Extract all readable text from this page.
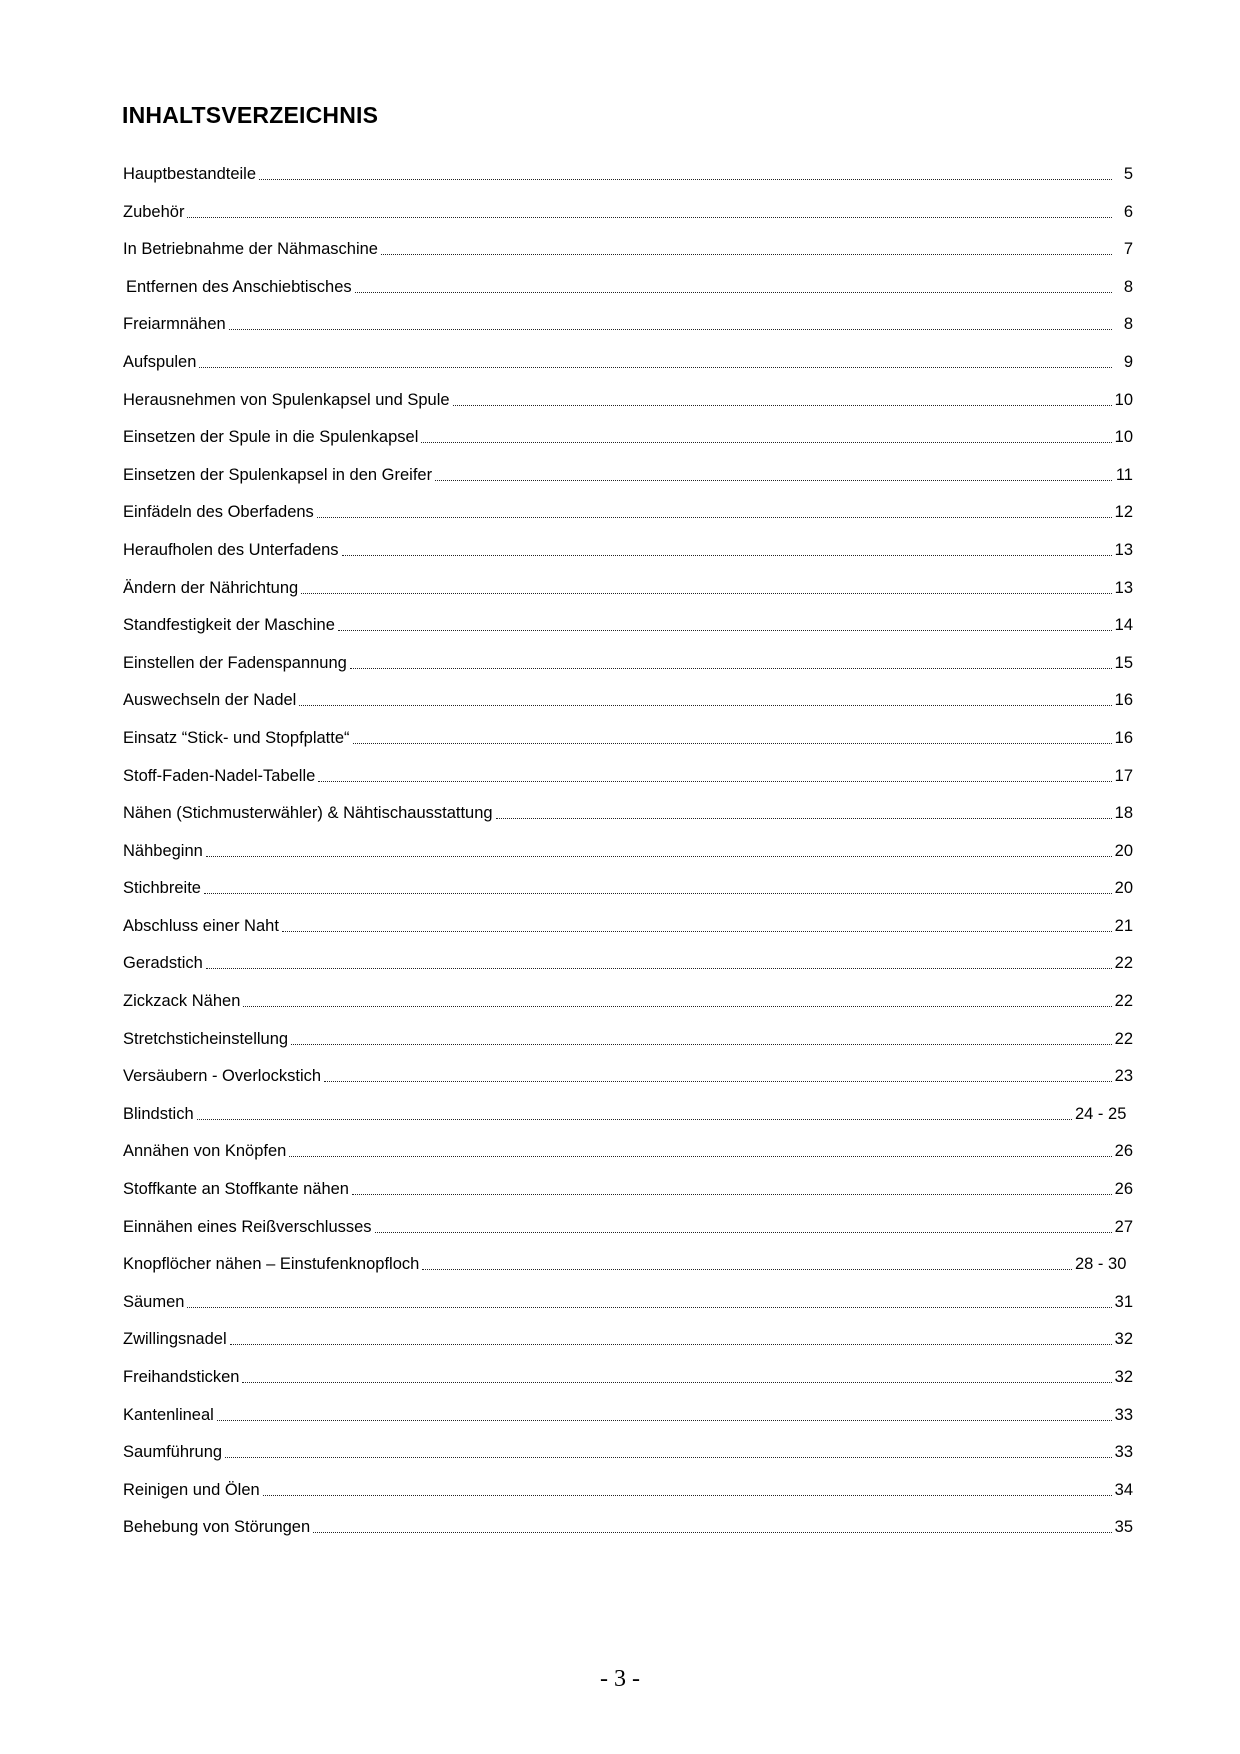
INHALTSVERZEICHNIS
Hauptbestandteile	5
Zubehör	6
In Betriebnahme der Nähmaschine	7
Entfernen des Anschiebtisches	8
Freiarmnähen	8
Aufspulen	9
Herausnehmen von Spulenkapsel und Spule	10
Einsetzen der Spule in die Spulenkapsel	10
Einsetzen der Spulenkapsel in den Greifer	11
Einfädeln des Oberfadens	12
Heraufholen des Unterfadens	13
Ändern der Nährichtung	13
Standfestigkeit der Maschine	14
Einstellen der Fadenspannung	15
Auswechseln der Nadel	16
Einsatz “Stick- und Stopfplatte“	16
Stoff-Faden-Nadel-Tabelle	17
Nähen (Stichmusterwähler) & Nähtischausstattung	18
Nähbeginn	20
Stichbreite	20
Abschluss einer Naht	21
Geradstich	22
Zickzack Nähen	22
Stretchsticheinstellung	22
Versäubern - Overlockstich	23
Blindstich	24 - 25
Annähen von Knöpfen	26
Stoffkante an Stoffkante nähen	26
Einnähen eines Reißverschlusses	27
Knopflöcher nähen – Einstufenknopfloch	28 - 30
Säumen	31
Zwillingsnadel	32
Freihandsticken	32
Kantenlineal	33
Saumführung	33
Reinigen und Ölen	34
Behebung von Störungen	35
- 3 -
